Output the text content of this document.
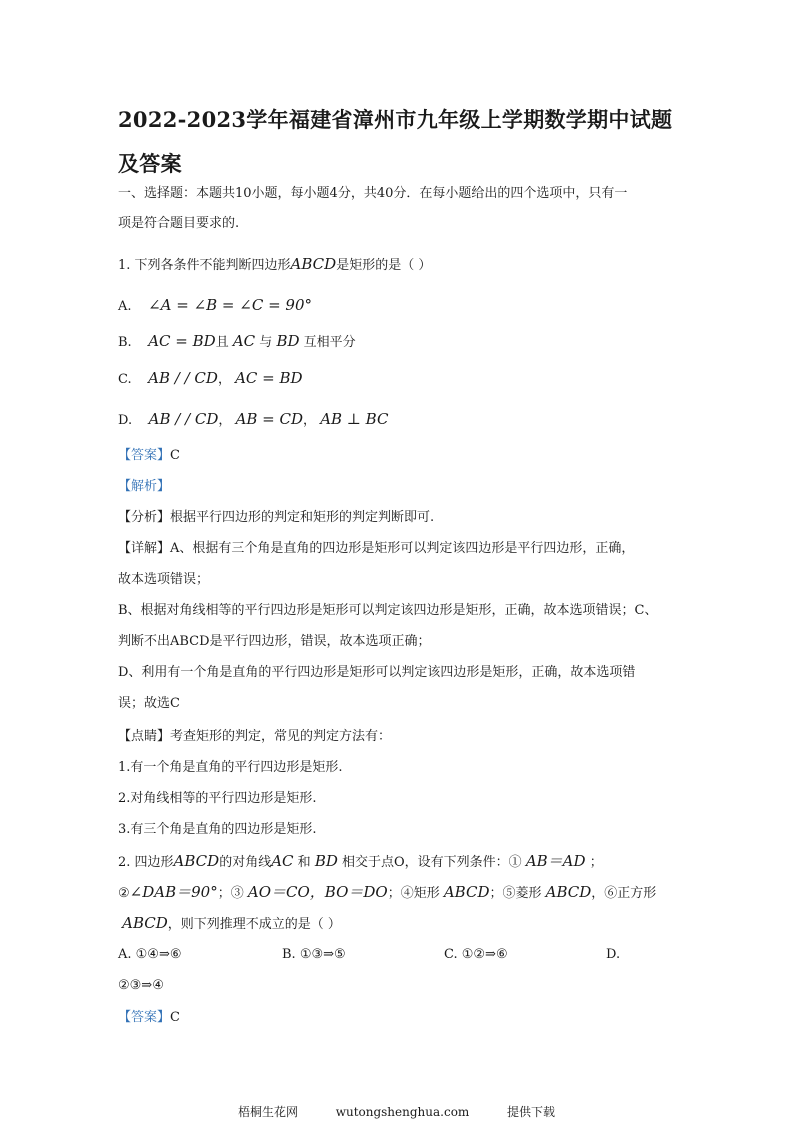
2022-2023学年福建省漳州市九年级上学期数学期中试题及答案
一、选择题：本题共10小题，每小题4分，共40分．在每小题给出的四个选项中，只有一
项是符合题目要求的.
1. 下列各条件不能判断四边形ABCD是矩形的是（ ）
A. ∠A = ∠B = ∠C = 90°
B. AC = BD且 AC 与 BD 互相平分
C. AB / / CD， AC = BD
D. AB / / CD， AB = CD， AB ⊥ BC
【答案】C
【解析】
【分析】根据平行四边形的判定和矩形的判定判断即可.
【详解】A、根据有三个角是直角的四边形是矩形可以判定该四边形是平行四边形，正确，
故本选项错误；
B、根据对角线相等的平行四边形是矩形可以判定该四边形是矩形，正确，故本选项错误；C、
判断不出ABCD是平行四边形，错误，故本选项正确；
D、利用有一个角是直角的平行四边形是矩形可以判定该四边形是矩形，正确，故本选项错
误；故选C
【点睛】考查矩形的判定，常见的判定方法有：
1.有一个角是直角的平行四边形是矩形.
2.对角线相等的平行四边形是矩形.
3.有三个角是直角的四边形是矩形.
2. 四边形ABCD的对角线AC 和 BD 相交于点O，设有下列条件：① AB＝AD ；
②∠DAB＝90°；③ AO＝CO，BO＝DO；④矩形 ABCD；⑤菱形 ABCD，⑥正方形
ABCD，则下列推理不成立的是（ ）
A. ①④⇒⑥	B. ①③⇒⑤	C. ①②⇒⑥	D.
②③⇒④
【答案】C
梧桐生花网	wutongshenghua.com	提供下载
